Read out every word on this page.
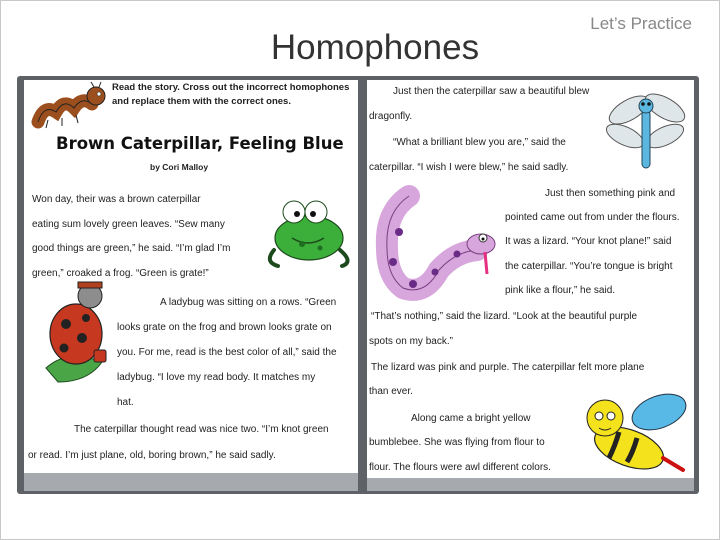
Homophones
Let’s Practice
Read the story. Cross out the incorrect homophones
and replace them with the correct ones.
Brown Caterpillar, Feeling Blue
by Cori Malloy
Won day, their was a brown caterpillar
eating sum lovely green leaves. “Sew many
good things are green,” he said. “I’m glad I’m
green,” croaked a frog. “Green is grate!”
A ladybug was sitting on a rows. “Green
looks grate on the frog and brown looks grate on
you. For me, read is the best color of all,” said the
ladybug. “I love my read body. It matches my
hat.
The caterpillar thought read was nice two. “I’m knot green
or read. I’m just plane, old, boring brown,” he said sadly.
Just then the caterpillar saw a beautiful blew
dragonfly.
“What a brilliant blew you are,” said the
caterpillar. “I wish I were blew,” he said sadly.
Just then something pink and
pointed came out from under the flours.
It was a lizard. “Your knot plane!” said
the caterpillar. “You’re tongue is bright
pink like a flour,” he said.
“That’s nothing,” said the lizard. “Look at the beautiful purple
spots on my back.”
The lizard was pink and purple. The caterpillar felt more plane
than ever.
Along came a bright yellow
bumblebee. She was flying from flour to
flour. The flours were awl different colors.
